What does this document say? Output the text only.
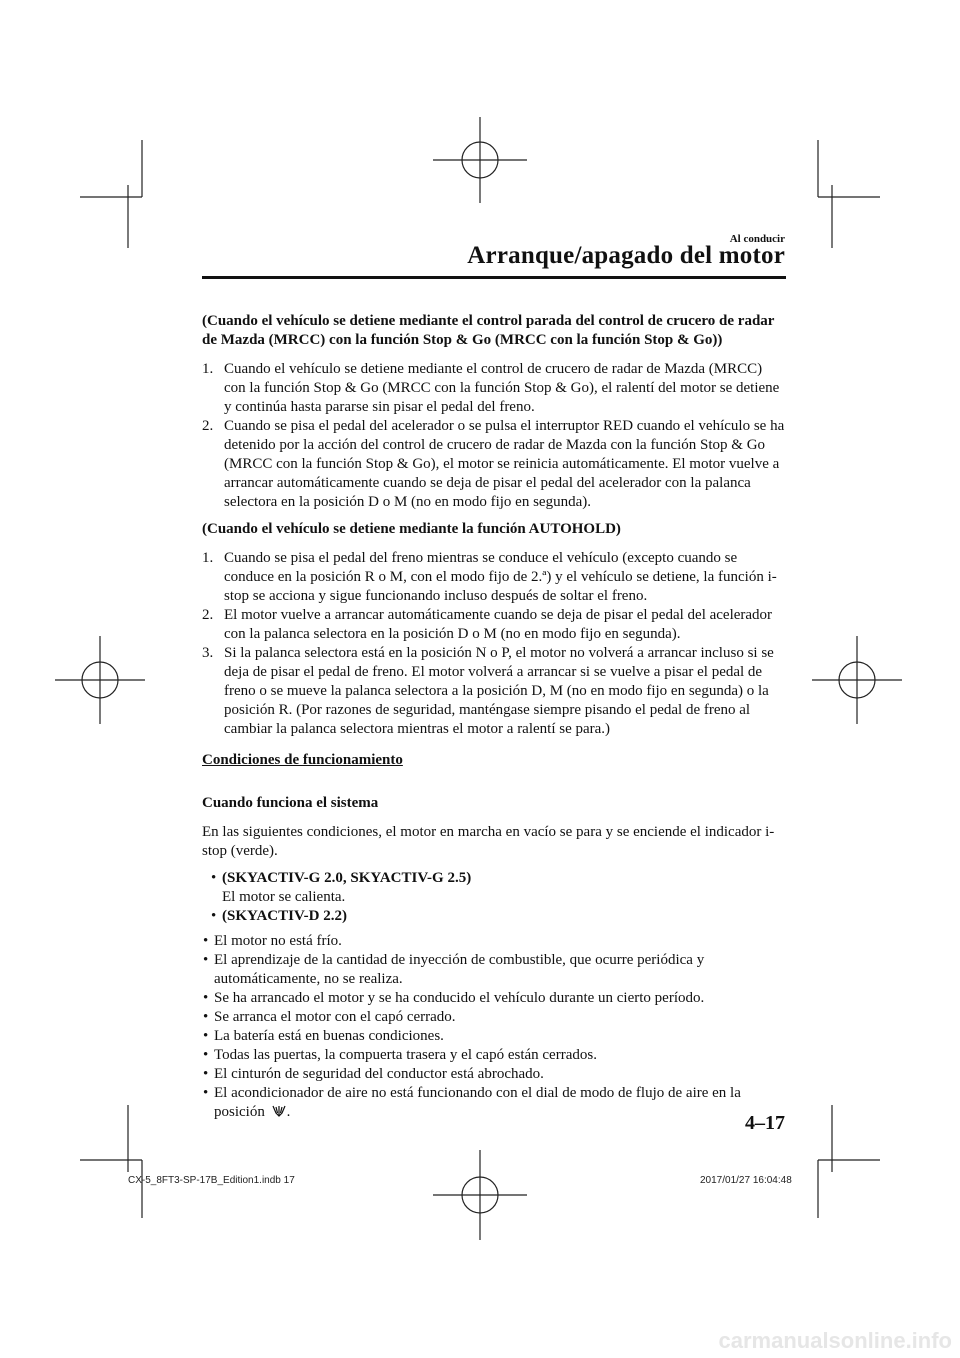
Al conducir
Arranque/apagado del motor

(Cuando el vehículo se detiene mediante el control parada del control de crucero de radar de Mazda (MRCC) con la función Stop & Go (MRCC con la función Stop & Go))

1. Cuando el vehículo se detiene mediante el control de crucero de radar de Mazda (MRCC) con la función Stop & Go (MRCC con la función Stop & Go), el ralentí del motor se detiene y continúa hasta pararse sin pisar el pedal del freno.
2. Cuando se pisa el pedal del acelerador o se pulsa el interruptor RED cuando el vehículo se ha detenido por la acción del control de crucero de radar de Mazda con la función Stop & Go (MRCC con la función Stop & Go), el motor se reinicia automáticamente. El motor vuelve a arrancar automáticamente cuando se deja de pisar el pedal del acelerador con la palanca selectora en la posición D o M (no en modo fijo en segunda).

(Cuando el vehículo se detiene mediante la función AUTOHOLD)

1. Cuando se pisa el pedal del freno mientras se conduce el vehículo (excepto cuando se conduce en la posición R o M, con el modo fijo de 2.ª) y el vehículo se detiene, la función i-stop se acciona y sigue funcionando incluso después de soltar el freno.
2. El motor vuelve a arrancar automáticamente cuando se deja de pisar el pedal del acelerador con la palanca selectora en la posición D o M (no en modo fijo en segunda).
3. Si la palanca selectora está en la posición N o P, el motor no volverá a arrancar incluso si se deja de pisar el pedal de freno. El motor volverá a arrancar si se vuelve a pisar el pedal de freno o se mueve la palanca selectora a la posición D, M (no en modo fijo en segunda) o la posición R. (Por razones de seguridad, manténgase siempre pisando el pedal de freno al cambiar la palanca selectora mientras el motor a ralentí se para.)

Condiciones de funcionamiento

Cuando funciona el sistema

En las siguientes condiciones, el motor en marcha en vacío se para y se enciende el indicador i-stop (verde).

• (SKYACTIV-G 2.0, SKYACTIV-G 2.5)

El motor se calienta.

• (SKYACTIV-D 2.2)
• El motor no está frío.
• El aprendizaje de la cantidad de inyección de combustible, que ocurre periódica y automáticamente, no se realiza.
• Se ha arrancado el motor y se ha conducido el vehículo durante un cierto período.
• Se arranca el motor con el capó cerrado.
• La batería está en buenas condiciones.
• Todas las puertas, la compuerta trasera y el capó están cerrados.
• El cinturón de seguridad del conductor está abrochado.
• El acondicionador de aire no está funcionando con el dial de modo de flujo de aire en la posición .	4–17
CX-5_8FT3-SP-17B_Edition1.indb 17	2017/01/27 16:04:48
carmanualsonline.info
